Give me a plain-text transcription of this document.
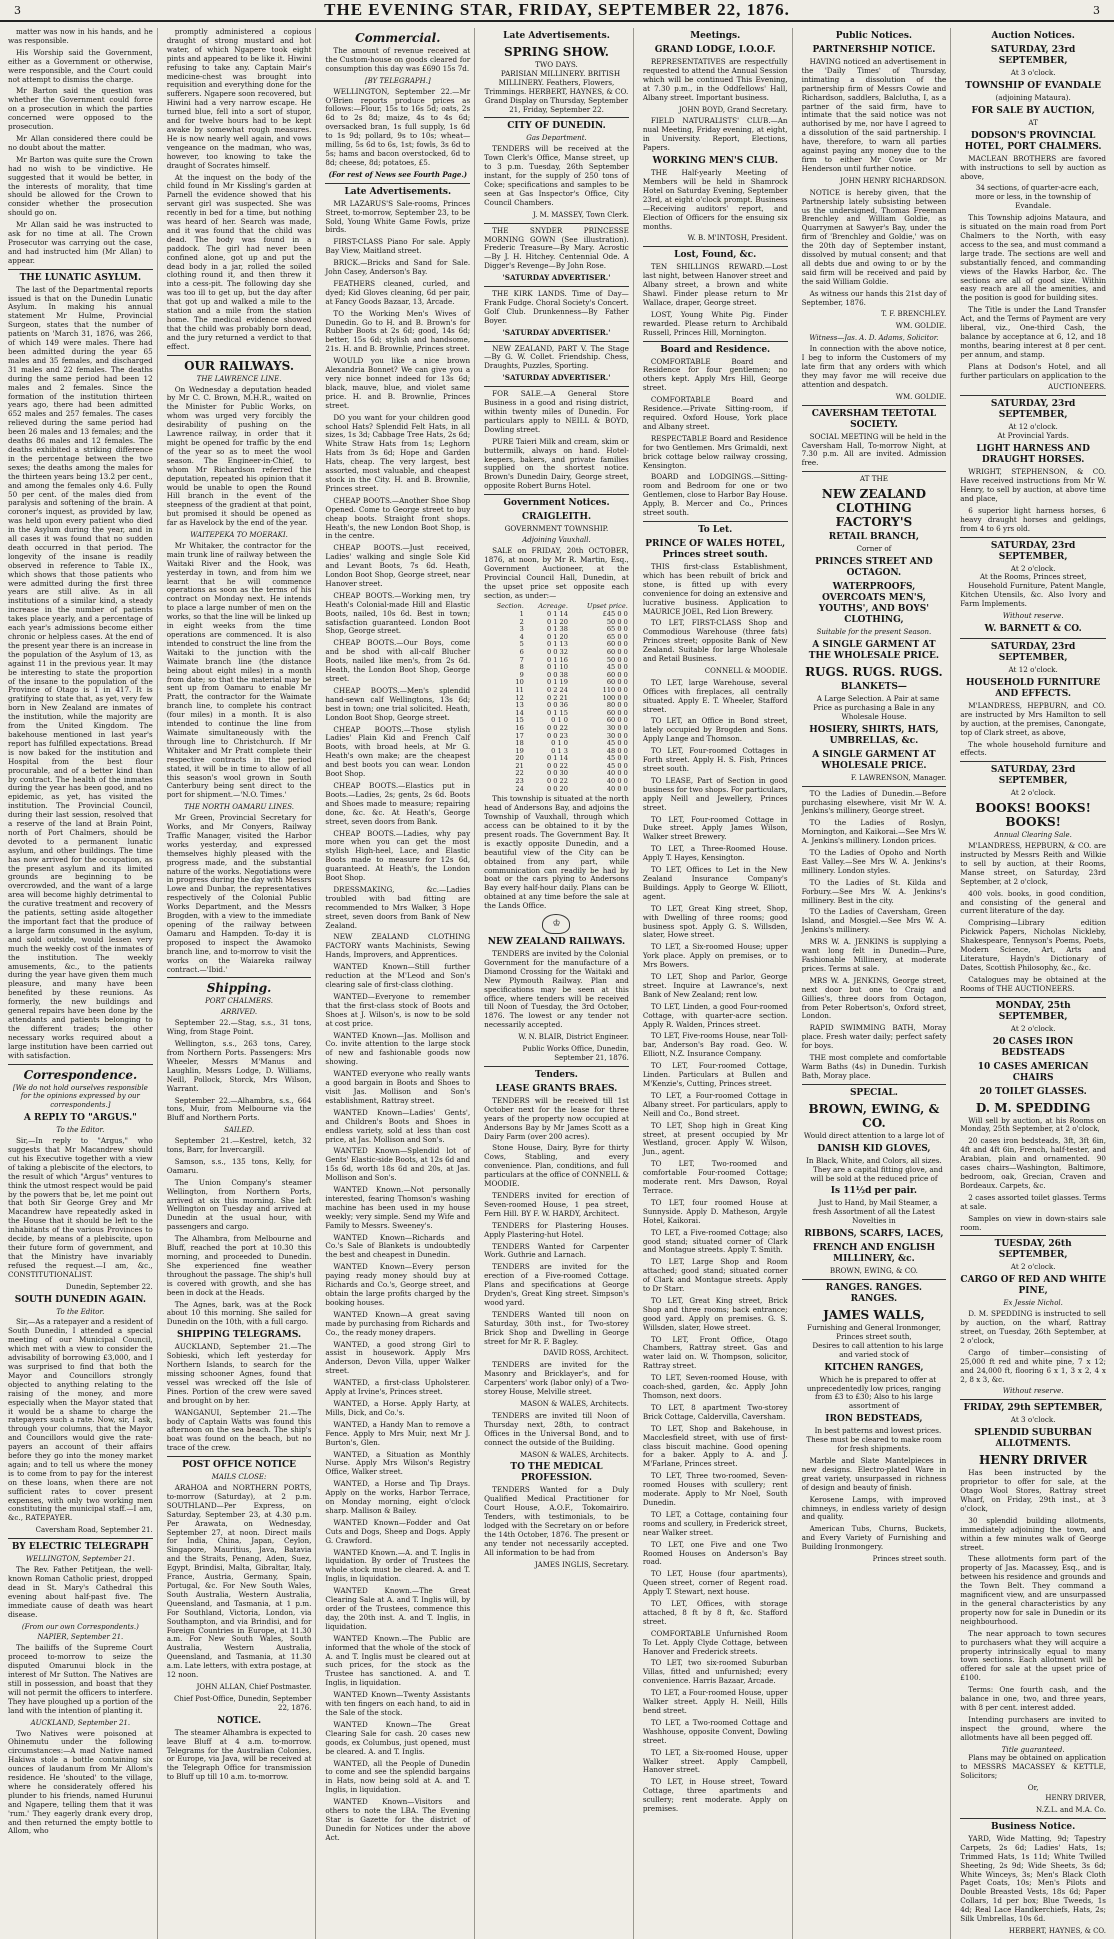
3	THE EVENING STAR, FRIDAY, SEPTEMBER 22, 1876.	3

matter was now in his hands, and he was responsible.

His Worship said the Government, either as a Government or otherwise, were responsible, and the Court could not attempt to dismiss the charge.

Mr Barton said the question was whether the Government could force on a prosecution in which the parties concerned were opposed to the prosecution.

Mr Allan considered there could be no doubt about the matter.

Mr Barton was quite sure the Crown had no wish to be vindictive. He suggested that it would be better, in the interests of morality, that time should be allowed for the Crown to consider whether the prosecution should go on.

Mr Allan said he was instructed to ask for no time at all. The Crown Prosecutor was carrying out the case, and had instructed him (Mr Allan) to appear.

THE LUNATIC ASYLUM.

The last of the Departmental reports issued is that on the Dunedin Lunatic Asylum. In making his annual statement Mr Hulme, Provincial Surgeon, states that the number of patients on 'March 31, 1876, was 266, of which 149 were males. There had been admitted during the year 65 males and 35 females, and discharged 31 males and 22 females. The deaths during the same period had been 12 males and 2 females. Since the formation of the institution thirteen years ago, there had been admitted 652 males and 257 females. The cases relieved during the same period had been 26 males and 13 females; and the deaths 86 males and 12 females. The deaths exhibited a striking difference in the percentage between the two sexes; the deaths among the males for the thirteen years being 13.2 per cent., and among the females only 4.6. Fully 50 per cent. of the males died from paralysis and softening of the brain. A coroner's inquest, as provided by law, was held upon every patient who died in the Asylum during the year, and in all cases it was found that no sudden death occurred in that period. The longevity of the insane is readily observed in reference to Table IX., which shows that those patients who were admitted during the first three years are still alive. As in all institutions of a similar kind, a steady increase in the number of patients takes place yearly, and a percentage of each year's admissions become either chronic or helpless cases. At the end of the present year there is an increase in the population of the Asylum of 13, as against 11 in the previous year. It may be interesting to state the proportion of the insane to the population of the Province of Otago is 1 in 417. It is gratifying to state that, as yet, very few born in New Zealand are inmates of the institution, while the majority are from the United Kingdom. The bakehouse mentioned in last year's report has fulfilled expectations. Bread is now baked for the institution and Hospital from the best flour procurable, and of a better kind than by contract. The health of the inmates during the year has been good, and no epidemic, as yet, has visited the institution. The Provincial Council, during their last session, resolved that a reserve of the land at Brain Point, north of Port Chalmers, should be devoted to a permanent lunatic asylum, and other buildings. The time has now arrived for the occupation, as the present asylum and its limited grounds are beginning to be overcrowded, and the want of a large area will become highly detrimental to the curative treatment and recovery of the patients, setting aside altogether the important fact that the produce of a large farm consumed in the asylum, and sold outside, would lessen very much the weekly cost of the inmates of the institution. The weekly amusements, &c., to the patients during the year have given them much pleasure, and many have been benefited by these reunions. As formerly, the new buildings and general repairs have been done by the attendants and patients belonging to the different trades; the other necessary works required about a large institution have been carried out with satisfaction.

Correspondence.
[We do not hold ourselves responsible for the opinions expressed by our correspondents.]
A REPLY TO "ARGUS."
To the Editor.

Sir,—In reply to "Argus," who suggests that Mr Macandrew should cut his Executive together with a view of taking a plebiscite of the electors, to the result of which "Argus" ventures to think the utmost respect would be paid by the powers that be, let me point out that both Sir George Grey and Mr Macandrew have repeatedly asked in the House that it should be left to the inhabitants of the various Provinces to decide, by means of a plebiscite, upon their future form of government, and that the Ministry have invariably refused the request.—I am, &c., CONSTITUTIONALIST.

Dunedin, September 22.
SOUTH DUNEDIN AGAIN.
To the Editor.

Sir,—As a ratepayer and a resident of South Dunedin, I attended a special meeting of our Municipal Council, which met with a view to consider the advisability of borrowing £3,000, and I was surprised to find that both the Mayor and Councillors strongly objected to anything relating to the raising of the money, and more especially when the Mayor stated that it would be a shame to charge the ratepayers such a rate. Now, sir, I ask, through your columns, that the Mayor and Councillors would give the rate-payers an account of their affairs before they go into the money market again; and to tell us where the money is to come from to pay for the interest on these loans, when there are not sufficient rates to cover present expenses, with only two working men constituting the municipal staff.—I am, &c., RATEPAYER.

Caversham Road, September 21.
BY ELECTRIC TELEGRAPH
WELLINGTON, September 21.

The Rev. Father Petitjean, the well-known Roman Catholic priest, dropped dead in St. Mary's Cathedral this evening about half-past five. The immediate cause of death was heart disease.

(From our own Correspondents.)
NAPIER, September 21.

The bailiffs of the Supreme Court proceed to-morrow to seize the disputed Omarunui block in the interest of Mr Sutton. The Natives are still in possession, and boast that they will not permit the officers to interfere. They have ploughed up a portion of the land with the intention of planting it.

AUCKLAND, September 21.

Two Natives were poisoned at Ohinemutu under the following circumstances:—A mad Native named Hakiwa stole a bottle containing six ounces of laudanum from Mr Allom's residence. He 'shouted' to the village, where he considerately offered his plunder to his friends, named Hurunui and Ngapere, telling them that it was 'rum.' They eagerly drank every drop, and then returned the empty bottle to Allom, who

promptly administered a copious draught of strong mustard and hot water, of which Ngapere took eight pints and appeared to be like it. Hiwini refusing to take any. Captain Mair's medicine-chest was brought into requisition and everything done for the sufferers. Ngapere soon recovered, but Hiwini had a very narrow escape. He turned blue, fell into a sort of stupor, and for twelve hours had to be kept awake by somewhat rough measures. He is now nearly well again, and vows vengeance on the madman, who was, however, too knowing to take the draught of Socrates himself.

At the inquest on the body of the child found in Mr Kissling's garden at Parnell the evidence showed that his servant girl was suspected. She was recently in bed for a time, but nothing was heard of her. Search was made, and it was found that the child was dead. The body was found in a paddock. The girl had never been confined alone, got up and put the dead body in a jar, rolled the soiled clothing round it, and then threw it into a cess-pit. The following day she was too ill to get up, but the day after that got up and walked a mile to the station and a mile from the station home. The medical evidence showed that the child was probably born dead, and the jury returned a verdict to that effect.

OUR RAILWAYS.
THE LAWRENCE LINE.

On Wednesday a deputation headed by Mr C. C. Brown, M.H.R., waited on the Minister for Public Works, on whom was urged very forcibly the desirability of pushing on the Lawrence railway, in order that it might be opened for traffic by the end of the year so as to meet the wool season. The Engineer-in-Chief, to whom Mr Richardson referred the deputation, repeated his opinion that it would be unable to open the Round Hill branch in the event of the steepness of the gradient at that point, but promised it should be opened as far as Havelock by the end of the year.

WAITEPEKA TO MOERAKI.

Mr Whitaker, the contractor for the main trunk line of railway between the Waitaki River and the Hook, was yesterday in town, and from him we learnt that he will commence operations as soon as the terms of his contract on Monday next. He intends to place a large number of men on the works, so that the line will be linked up in eight weeks from the time operations are commenced. It is also intended to construct the line from the Waitaki to the junction with the Waimate branch line (the distance being about eight miles) in a month from date; so that the material may be sent up from Oamaru to enable Mr Pratt, the contractor for the Waimate branch line, to complete his contract (four miles) in a month. It is also intended to continue the line from Waimate simultaneously with the through line to Christchurch. If Mr Whitaker and Mr Pratt complete their respective contracts in the period stated, it will be in time to allow of all this season's wool grown in South Canterbury being sent direct to the port for shipment.—'N.O. Times.'

THE NORTH OAMARU LINES.

Mr Green, Provincial Secretary for Works, and Mr Conyers, Railway Traffic Manager, visited the Harbor works yesterday, and expressed themselves highly pleased with the progress made, and the substantial nature of the works. Negotiations were in progress during the day with Messrs Lowe and Dunbar, the representatives respectively of the Colonial Public Works Department, and the Messrs Brogden, with a view to the immediate opening of the railway between Oamaru and Hampden. To-day it is proposed to inspect the Awamoko branch line, and to-morrow to visit the works on the Waiareka railway contract.—'Ibid.'

Shipping.
PORT CHALMERS.
ARRIVED.

September 22.—Stag, s.s., 31 tons, Wing, from Stage Point.

Wellington, s.s., 263 tons, Carey, from Northern Ports. Passengers: Mrs Wheeler, Messrs M'Manus and Laughlin, Messrs Lodge, D. Williams, Neill, Pollock, Storck, Mrs Wilson, Warrant.

September 22.—Alhambra, s.s., 664 tons, Muir, from Melbourne via the Bluff and Northern Ports.

SAILED.

September 21.—Kestrel, ketch, 32 tons, Barr, for Invercargill.

Samson, s.s., 135 tons, Kelly, for Oamaru.

The Union Company's steamer Wellington, from Northern Ports, arrived at six this morning. She left Wellington on Tuesday and arrived at Dunedin at the usual hour, with passengers and cargo.

The Alhambra, from Melbourne and Bluff, reached the port at 10.30 this morning, and proceeded to Dunedin. She experienced fine weather throughout the passage. The ship's hull is covered with growth, and she has been in dock at the Heads.

The Agnes, bark, was at the Rock about 10 this morning. She sailed for Dunedin on the 10th, with a full cargo.

SHIPPING TELEGRAMS.

AUCKLAND, September 21.—The Sobieski, which left yesterday for Northern Islands, to search for the missing schooner Agnes, found that vessel was wrecked off the Isle of Pines. Portion of the crew were saved and brought on by her.

WANGANUI, September 21.—The body of Captain Watts was found this afternoon on the sea beach. The ship's boat was found on the beach, but no trace of the crew.

POST OFFICE NOTICE
MAILS CLOSE:

ARAHOA and NORTHERN PORTS, to-morrow (Saturday), at 2 p.m. SOUTHLAND—Per Express, on Saturday, September 23, at 4.30 p.m. Per Arawata, on Wednesday, September 27, at noon. Direct mails for India, China, Japan, Ceylon, Singapore, Mauritius, Java, Batavia and the Straits, Penang, Aden, Suez, Egypt, Brindisi, Malta, Gibraltar, Italy, France, Austria, Germany, Spain, Portugal, &c. For New South Wales, South Australia, Western Australia, Queensland, and Tasmania, at 1 p.m. For Southland, Victoria, London, via Southampton, and via Brindisi, and for Foreign Countries in Europe, at 11.30 a.m. For New South Wales, South Australia, Western Australia, Queensland, and Tasmania, at 11.30 a.m. Late letters, with extra postage, at 12 noon.

JOHN ALLAN, Chief Postmaster.
Chief Post-Office, Dunedin, September 22, 1876.
NOTICE.

The steamer Alhambra is expected to leave Bluff at 4 a.m. to-morrow. Telegrams for the Australian Colonies, or Europe, via Java, will be received at the Telegraph Office for transmission to Bluff up till 10 a.m. to-morrow.

Commercial.

The amount of revenue received at the Custom-house on goods cleared for consumption this day was £690 15s 7d.

[BY TELEGRAPH.]

WELLINGTON, September 22.—Mr O'Brien reports produce prices as follows:—Flour, 15s to 16s 5d; oats, 2s 6d to 2s 8d; maize, 4s to 4s 6d; oversacked bran, 1s full supply, 1s 6d to 1s 9d; pollard, 9s to 10s; wheat—milling, 5s 6d to 6s, 1st; fowls, 3s 6d to 5s; hams and bacon overstocked, 6d to 8d; cheese, 8d; potatoes, £5.

(For rest of News see Fourth Page.)
Late Advertisements.

MR LAZARUS'S Sale-rooms, Princes Street, to-morrow, September 23, to be Sold, Young White Game Fowls, prize birds.

FIRST-CLASS Piano For sale. Apply Bay View, Maitland street.

BRICK.—Bricks and Sand for Sale. John Casey, Anderson's Bay.

FEATHERS cleaned, curled, and dyed; Kid Gloves cleaning, 6d per pair, at Fancy Goods Bazaar, 13, Arcade.

TO the Working Men's Wives of Dunedin. Go to H. and B. Brown's for Rubber Boots at 2s 6d; good, 14s 6d; better, 15s 6d; stylish and handsome, 21s. H. and B. Brownlie, Princes street.

WOULD you like a nice brown Alexandria Bonnet? We can give you a very nice bonnet indeed for 13s 6d; black, mauve, blue, and violet same price. H. and B. Brownlie, Princes street.

DO you want for your children good school Hats? Splendid Felt Hats, in all sizes, 1s 3d; Cabbage Tree Hats, 2s 6d; White Straw Hats from 1s; Leghorn Hats from 3s 6d; Hope and Garden Hats, cheap. The very largest, best assorted, most valuable, and cheapest stock in the City. H. and B. Brownlie, Princes street.

CHEAP BOOTS.—Another Shoe Shop Opened. Come to George street to buy cheap boots. Straight front shops. Heath's, the new London Boot Shop, is in the centre.

CHEAP BOOTS.—Just received, Ladies' walking and single Sole Kid and Levant Boots, 7s 6d. Heath, London Boot Shop, George street, near Hanover street.

CHEAP BOOTS.—Working men, try Heath's Colonial-made Hill and Elastic Boots, nailed, 10s 6d. Best in town; satisfaction guaranteed. London Boot Shop, George street.

CHEAP BOOTS.—Our Boys, come and be shod with all-calf Blucher Boots, nailed like men's, from 2s 6d. Heath, the London Boot Shop, George street.

CHEAP BOOTS.—Men's splendid hand-sewn calf Wellingtons, 13s 6d; best in town; one trial solicited. Heath, London Boot Shop, George street.

CHEAP BOOTS.—Those stylish Ladies' Plain Kid and French Calf Boots, with broad heels, at Mr G. Heath's own make; are the cheapest and best boots you can wear. London Boot Shop.

CHEAP BOOTS.—Elastics put in Boots.—Ladies, 2s; gents, 2s 6d. Boots and Shoes made to measure; repairing done, &c. &c. At Heath's, George street, seven doors from Bank.

CHEAP BOOTS.—Ladies, why pay more when you can get the most stylish High-heel, Lace, and Elastic Boots made to measure for 12s 6d, guaranteed. At Heath's, the London Boot Shop.

DRESSMAKING, &c.—Ladies troubled with bad fitting are recommended to Mrs Walker, 3 Hope street, seven doors from Bank of New Zealand.

NEW ZEALAND CLOTHING FACTORY wants Machinists, Sewing Hands, Improvers, and Apprentices.

WANTED Known—Still further reduction at the M'Leod and Son's clearing sale of first-class clothing.

WANTED—Everyone to remember that the first-class stock of Boots and Shoes at J. Wilson's, is now to be sold at cost price.

WANTED Known—Jas. Mollison and Co. invite attention to the large stock of new and fashionable goods now showing.

WANTED everyone who really wants a good bargain in Boots and Shoes to visit Jas. Mollison and Son's establishment, Rattray street.

WANTED Known—Ladies' Gents', and Children's Boots and Shoes in endless variety, sold at less than cost price, at Jas. Mollison and Son's.

WANTED Known—Splendid lot of Gents' Elastic-side Boots, at 12s 6d and 15s 6d, worth 18s 6d and 20s, at Jas. Mollison and Son's.

WANTED Known.—Not personally interested, fearing Thomson's washing machine has been used in my house weekly; very simple. Send my Wife and Family to Messrs. Sweeney's.

WANTED Known—Richards and Co.'s Sale of Blankets is undoubtedly the best and cheapest in Dunedin.

WANTED Known—Every person paying ready money should buy at Richards and Co.'s, George street, and obtain the large profits charged by the booking houses.

WANTED Known—A great saving made by purchasing from Richards and Co., the ready money drapers.

WANTED, a good strong Girl to assist in housework. Apply Mrs Anderson, Devon Villa, upper Walker street.

WANTED, a first-class Upholsterer. Apply at Irvine's, Princes street.

WANTED, a Horse. Apply Harty, at Mills, Dick, and Co.'s.

WANTED, a Handy Man to remove a Fence. Apply to Mrs Muir, next Mr J. Burton's, Glen.

WANTED, a Situation as Monthly Nurse. Apply Mrs Wilson's Registry Office, Walker street.

WANTED, a Horse and Tip Drays. Apply on the works, Harbor Terrace, on Monday morning, eight o'clock sharp. Mallison & Bailey.

WANTED Known—Fodder and Oat Cuts and Dogs, Sheep and Dogs. Apply G. Crawford.

WANTED Known.—A. and T. Inglis in liquidation. By order of Trustees the whole stock must be cleared. A. and T. Inglis, in liquidation.

WANTED Known.—The Great Clearing Sale at A. and T. Inglis will, by order of the Trustees, commence this day, the 20th inst. A. and T. Inglis, in liquidation.

WANTED Known.—The Public are informed that the whole of the stock of A. and T. Inglis must be cleared out at such prices, for the stock as the Trustee has sanctioned. A. and T. Inglis, in liquidation.

WANTED Known—Twenty Assistants with ten fingers on each hand, to aid in the Sale of the stock.

WANTED Known—The Great Clearing Sale for cash. 20 cases new goods, ex Columbus, just opened, must be cleared. A. and T. Inglis.

WANTED, all the People of Dunedin to come and see the splendid bargains in Hats, now being sold at A. and T. Inglis, in liquidation.

WANTED Known—Visitors and others to note the LBA. The Evening Star is Gazette for the district of Dunedin for Notices under the above Act.

Late Advertisements.
SPRING SHOW.
TWO DAYS.

PARISIAN MILLINERY. BRITISH MILLINERY. Feathers, Flowers, Trimmings. HERBERT, HAYNES, & CO. Grand Display on Thursday, September 21, Friday, September 22.

CITY OF DUNEDIN.
Gas Department.

TENDERS will be received at the Town Clerk's Office, Manse street, up to 3 p.m. Tuesday, 26th September instant, for the supply of 250 tons of Coke; specifications and samples to be seen at Gas Inspector's Office, City Council Chambers.

J. M. MASSEY, Town Clerk.

THE SNYDER PRINCESSE MORNING GOWN (See illustration). Frederic Treasure—By Mary. Acrostic—By J. H. Hitchey. Centennial Ode. A Digger's Revenge—By John Rose.

'SATURDAY ADVERTISER.'

THE KIRK LANDS. Time of Day—Frank Fudge. Choral Society's Concert. Golf Club. Drunkenness—By Father Boyer.

'SATURDAY ADVERTISER.'

NEW ZEALAND, PART V. The Stage—By G. W. Collet. Friendship. Chess, Draughts, Puzzles, Sporting.

'SATURDAY ADVERTISER.'

FOR SALE.—A General Store Business in a good and rising district, within twenty miles of Dunedin. For particulars apply to NEILL & BOYD, Dowling street.

PURE Taieri Milk and cream, skim or buttermilk, always on hand. Hotel-keepers, bakers, and private families supplied on the shortest notice. Brown's Dunedin Dairy, George street, opposite Robert Burns Hotel.

Government Notices.
CRAIGLEITH.
GOVERNMENT TOWNSHIP.
Adjoining Vauxhall.

SALE on FRIDAY, 20th OCTOBER, 1876, at noon, by Mr R. Martin, Esq., Government Auctioneer, at the Provincial Council Hall, Dunedin, at the upset price set opposite each section, as under:—

Section.	Acreage.	Upset price.
1	0 1 14	£45 0 0
2	0 1 20	50 0 0
3	0 1 38	65 0 0
4	0 1 20	65 0 0
5	0 1 13	60 0 0
6	0 0 32	60 0 0
7	0 1 16	50 0 0
8	0 1 10	45 0 0
9	0 0 38	60 0 0
10	0 1 19	60 0 0
11	0 2 24	110 0 0
12	0 2 21	100 0 0
13	0 0 36	80 0 0
14	0 1 15	60 0 0
15	0 1 0	60 0 0
16	0 0 22	30 0 0
17	0 0 23	30 0 0
18	0 1 0	45 0 0
19	0 1 3	48 0 0
20	0 1 14	45 0 0
21	0 0 22	45 0 0
22	0 0 30	40 0 0
23	0 0 22	40 0 0
24	0 0 20	40 0 0

This township is situated at the north head of Andersons Bay, and adjoins the Township of Vauxhall, through which access can be obtained to it by the present roads. The Government Bay. It is exactly opposite Dunedin, and a beautiful view of the City can be obtained from any part, while communication can readily be had by boat or the cars plying to Andersons Bay every half-hour daily. Plans can be obtained at any time before the sale at the Lands Office.

♔
NEW ZEALAND RAILWAYS.

TENDERS are invited by the Colonial Government for the manufacture of a Diamond Crossing for the Waitaki and New Plymouth Railway. Plan and specifications may be seen at this office, where tenders will be received till Noon of Tuesday, the 3rd October, 1876. The lowest or any tender not necessarily accepted.

W. N. BLAIR, District Engineer.
Public Works Office, Dunedin, September 21, 1876.
Tenders.
LEASE GRANTS BRAES.

TENDERS will be received till 1st October next for the lease for three years of the property now occupied at Andersons Bay by Mr James Scott as a Dairy Farm (over 200 acres).

Stone House, Dairy, Byre for thirty Cows, Stabling, and every convenience. Plan, conditions, and full particulars at the office of CONNELL & MOODIE.

TENDERS invited for erection of Seven-roomed House, 1 pea street, Fern Hill. BY F. W. HARDY, Architect.

TENDERS for Plastering Houses. Apply Plastering-hut Hotel.

TENDERS Wanted for Carpenter Work. Guthrie and Larnach.

TENDERS are invited for the erection of a Five-roomed Cottage. Plans and specifications at George Dryden's, Great King street. Simpson's wood yard.

TENDERS Wanted till noon on Saturday, 30th inst., for Two-storey Brick Shop and Dwelling in George street for Mr R. F. Bagley.

DAVID ROSS, Architect.

TENDERS are invited for the Masonry and Bricklayer's, and for Carpenters' work (labor only) of a Two-storey House, Melville street.

MASON & WALES, Architects.

TENDERS are invited till Noon of Thursday next, 28th, to contract Offices in the Universal Bond, and to connect the outside of the Building.

MASON & WALES, Architects.
TO THE MEDICAL PROFESSION.

TENDERS Wanted for a Duly Qualified Medical Practitioner for Court House, A.O.F., Tokomairiro. Tenders, with testimonials, to be lodged with the Secretary on or before the 14th October, 1876. The present or any tender not necessarily accepted. All information to be had from

JAMES INGLIS, Secretary.
Meetings.
GRAND LODGE, I.O.O.F.

REPRESENTATIVES are respectfully requested to attend the Annual Session which will be continued This Evening, at 7.30 p.m., in the Oddfellows' Hall, Albany street. Important business.

JOHN BOYD, Grand Secretary.

FIELD NATURALISTS' CLUB.—An nual Meeting, Friday evening, at eight, in University. Report, Elections, Papers.

WORKING MEN'S CLUB.

THE Half-yearly Meeting of Members will be held in Shamrock Hotel on Saturday Evening, September 23rd, at eight o'clock prompt. Business—Receiving auditors' report, and Election of Officers for the ensuing six months.

W. B. M'INTOSH, President.
Lost, Found, &c.

TEN SHILLINGS REWARD.—Lost last night, between Hanover street and Albany street, a brown and white Shawl. Finder please return to Mr Wallace, draper, George street.

LOST, Young White Pig. Finder rewarded. Please return to Archibald Russell, Princes Hill, Mornington.

Board and Residence.

COMFORTABLE Board and Residence for four gentlemen; no others kept. Apply Mrs Hill, George street.

COMFORTABLE Board and Residence.—Private Sitting-room, if required. Oxford House, York place and Albany street.

RESPECTABLE Board and Residence for two Gentlemen. Mrs Grimaldi, next brick cottage below railway crossing, Kensington.

BOARD and LODGINGS.—Sitting-room and Bedroom for one or two Gentlemen, close to Harbor Bay House. Apply, B. Mercer and Co., Princes street south.

To Let.
PRINCE OF WALES HOTEL, Princes street south.

THIS first-class Establishment, which has been rebuilt of brick and stone, is fitted up with every convenience for doing an extensive and lucrative business. Application to MAURICE JOEL, Red Lion Brewery.

TO LET, FIRST-CLASS Shop and Commodious Warehouse (three fats) Princes street; opposite Bank of New Zealand. Suitable for large Wholesale and Retail Business.

CONNELL & MOODIE.

TO LET, large Warehouse, several Offices with fireplaces, all centrally situated. Apply E. T. Wheeler, Stafford street.

TO LET, an Office in Bond street, lately occupied by Brogden and Sons. Apply Lange and Thomson.

TO LET, Four-roomed Cottages in Forth street. Apply H. S. Fish, Princes street south.

TO LEASE, Part of Section in good business for two shops. For particulars, apply Neill and Jewellery, Princes street.

TO LET, Four-roomed Cottage in Duke street. Apply James Wilson, Walker street Brewery.

TO LET, a Three-Roomed House. Apply T. Hayes, Kensington.

TO LET, Offices to Let in the New Zealand Insurance Company's Buildings. Apply to George W. Elliott, agent.

TO LET, Great King street, Shop, with Dwelling of three rooms; good business spot. Apply G. S. Willsden, slater, Howe street.

TO LET, a Six-roomed House; upper York place. Apply on premises, or to Mrs Bowers.

TO LET, Shop and Parlor, George street. Inquire at Lawrance's, next Bank of New Zealand; rent low.

TO LET, Linden, a good Four-roomed Cottage, with quarter-acre section. Apply R. Walden, Princes street.

TO LET, Five-rooms House, near Toll-bar, Anderson's Bay road. Geo. W. Elliott, N.Z. Insurance Company.

TO LET, Four-roomed Cottage, Linden. Particulars at Bullen and M'Kenzie's, Cutting, Princes street.

TO LET, a Four-roomed Cottage in Albany street. For particulars, apply to Neill and Co., Bond street.

TO LET, Shop high in Great King street, at present occupied by Mr Westland, grocer. Apply W. Wilson, Jun., agent.

TO LET, Two-roomed and comfortable Four-roomed Cottage; moderate rent. Mrs Dawson, Royal Terrace.

TO LET, four roomed House at Sunnyside. Apply D. Matheson, Argyle Hotel, Kaikorai.

TO LET, a Five-roomed Cottage; also good stand; situated corner of Clark and Montague streets. Apply T. Smith.

TO LET, Large Shop and Room attached; good stand; situated corner of Clark and Montague streets. Apply to Dr Starr.

TO LET, Great King street, Brick Shop and three rooms; back entrance; good yard. Apply on premises. G. S. Willsden, slater, Howe street.

TO LET, Front Office, Otago Chambers, Rattray street. Gas and water laid on. W. Thompson, solicitor, Rattray street.

TO LET, Seven-roomed House, with coach-shed, garden, &c. Apply John Thomson, next doors.

TO LET, 8 apartment Two-storey Brick Cottage, Caldervilla, Caversham.

TO LET, Shop and Bakehouse, in Macclesfield street, with use of first-class biscuit machine. Good opening for a baker. Apply to A. and J. M'Farlane, Princes street.

TO LET, Three two-roomed, Seven-roomed Houses with scullery; rent moderate. Apply to Mr Noel, South Dunedin.

TO LET, a Cottage, containing four rooms and scullery, in Frederick street, near Walker street.

TO LET, one Five and one Two Roomed Houses on Anderson's Bay road.

TO LET, House (four apartments), Queen street, corner of Regent road. Apply T. Stewart, next house.

TO LET, Offices, with storage attached, 8 ft by 8 ft, &c. Stafford street.

COMFORTABLE Unfurnished Room To Let. Apply Clyde Cottage, between Hanover and Frederick streets.

TO LET, two six-roomed Suburban Villas, fitted and unfurnished; every convenience. Harris Bazaar, Arcade.

TO LET, a Four-roomed House, upper Walker street. Apply H. Neill, Hills bend street.

TO LET, a Two-roomed Cottage and Washhouse, opposite Convent, Dowling street.

TO LET, a Six-roomed House, upper Walker street. Apply Campbell, Hanover street.

TO LET, in House street, Toward Cottage, three apartments and scullery; rent moderate. Apply on premises.

Public Notices.
PARTNERSHIP NOTICE.

HAVING noticed an advertisement in the 'Daily Times' of Thursday, intimating a dissolution of the partnership firm of Messrs Cowie and Richardson, saddlers, Balclutha, I, as a partner of the said firm, have to intimate that the said notice was not authorised by me, nor have I agreed to a dissolution of the said partnership. I have, therefore, to warn all parties against paying any money due to the firm to either Mr Cowie or Mr Henderson until further notice.

JOHN HENRY RICHARDSON.

NOTICE is hereby given, that the Partnership lately subsisting between us the undersigned, Thomas Freeman Brenchley and William Goldie, as Quarrymen at Sawyer's Bay, under the firm of 'Brenchley and Goldie,' was on the 20th day of September instant, dissolved by mutual consent; and that all debts due and owing to or by the said firm will be received and paid by the said William Goldie.

As witness our hands this 21st day of September, 1876.

T. F. BRENCHLEY.
WM. GOLDIE.
Witness—Jas. A. D. Adams, Solicitor.

In connection with the above notice, I beg to inform the Customers of my late firm that any orders with which they may favor me will receive due attention and despatch.

WM. GOLDIE.
CAVERSHAM TEETOTAL SOCIETY.

SOCIAL MEETING will be held in the Caversham Hall, To-morrow Night, at 7.30 p.m. All are invited. Admission free.

AT THE
NEW ZEALAND CLOTHING FACTORY'S
RETAIL BRANCH,
Corner of
PRINCES STREET AND OCTAGON.
WATERPROOFS, OVERCOATS MEN'S, YOUTHS', AND BOYS' CLOTHING,
Suitable for the present Season.
A SINGLE GARMENT AT THE WHOLESALE PRICE.
RUGS. RUGS. RUGS.
BLANKETS—

A Large Selection. A Pair at same Price as purchasing a Bale in any Wholesale House.

HOSIERY, SHIRTS, HATS, UMBRELLAS, &c.
A SINGLE GARMENT AT WHOLESALE PRICE.
F. LAWRENSON, Manager.

TO the Ladies of Dunedin.—Before purchasing elsewhere, visit Mr W. A. Jenkins's millinery, George street.

TO the Ladies of Roslyn, Mornington, and Kaikorai.—See Mrs W. A. Jenkins's millinery. London prices.

TO the Ladies of Opoho and North East Valley.—See Mrs W. A. Jenkins's millinery. London styles.

TO the Ladies of St. Kilda and Forbury.—See Mrs W. A. Jenkins's millinery. Best in the city.

TO the Ladies of Caversham, Green Island, and Mosgiel.—See Mrs W. A. Jenkins's millinery.

MRS W. A. JENKINS is supplying a want long felt in Dunedin—Pure, Fashionable Millinery, at moderate prices. Terms at sale.

MRS W. A. JENKINS, George street, next door but one to Craig and Gillies's, three doors from Octagon, from Peter Robertson's, Oxford street, London.

RAPID SWIMMING BATH, Moray place. Fresh water daily; perfect safety for boys.

THE most complete and comfortable Warm Baths (4s) in Dunedin. Turkish Bath, Moray place.

SPECIAL.
BROWN, EWING, & CO.
Would direct attention to a large lot of
DANISH KID GLOVES,
In Black, White, and Colors, all sizes.

They are a capital fitting glove, and will be sold at the reduced price of

Is 11½d per pair.

Just to Hand, by Mail Steamer, a fresh Assortment of all the Latest Novelties in

RIBBONS, SCARFS, LACES,
FRENCH AND ENGLISH MILLINERY, &c.
BROWN, EWING, & CO.
RANGES. RANGES. RANGES.
JAMES WALLS,
Furnishing and General Ironmonger, Princes street south,

Desires to call attention to his large and varied stock of

KITCHEN RANGES,

Which he is prepared to offer at unprecedentedly low prices, ranging from £3 to £30; Also to his large assortment of

IRON BEDSTEADS,

In best patterns and lowest prices. These must be cleared to make room for fresh shipments.

Marble and Slate Mantelpieces in new designs. Electro-plated Ware in great variety, unsurpassed in richness of design and beauty of finish.

Kerosene Lamps, with improved chimneys, in endless variety of design and quality.

American Tubs, Churns, Buckets, and Every Variety of Furnishing and Building Ironmongery.

Princes street south.
Auction Notices.
SATURDAY, 23rd SEPTEMBER,
At 3 o'clock.
TOWNSHIP OF EVANDALE
(adjoining Mataura).
FOR SALE BY AUCTION,
AT
DODSON'S PROVINCIAL HOTEL, PORT CHALMERS.

MACLEAN BROTHERS are favored with instructions to sell by auction as above,

34 sections, of quarter-acre each, more or less, in the township of Evandale.

This Township adjoins Mataura, and is situated on the main road from Port Chalmers to the North, with easy access to the sea, and must command a large trade. The sections are well and substantially fenced, and commanding views of the Hawks Harbor, &c. The sections are all of good size. Within easy reach are all the amenities, and the position is good for building sites.

The Title is under the Land Transfer Act, and the Terms of Payment are very liberal, viz., One-third Cash, the balance by acceptance at 6, 12, and 18 months, bearing interest at 8 per cent. per annum, and stamp.

Plans at Dodson's Hotel, and all further particulars on application to the

AUCTIONEERS.
SATURDAY, 23rd SEPTEMBER,
At 12 o'clock.
At Provincial Yards.
LIGHT HARNESS AND DRAUGHT HORSES.

WRIGHT, STEPHENSON, & CO. Have received instructions from Mr W. Henry, to sell by auction, at above time and place,

6 superior light harness horses, 6 heavy draught horses and geldings, from 4 to 6 yrs old.

SATURDAY, 23rd SEPTEMBER,
At 2 o'clock.
At the Rooms, Princes street,

Household Furniture, Patent Mangle, Kitchen Utensils, &c. Also Ivory and Farm Implements.

Without reserve.
W. BARNETT & CO.
SATURDAY, 23rd SEPTEMBER,
At 12 o'clock.
HOUSEHOLD FURNITURE AND EFFECTS.

M'LANDRESS, HEPBURN, and CO. are instructed by Mrs Hamilton to sell by auction, at the premises, Canongate, top of Clark street, as above,

The whole household furniture and effects.

SATURDAY, 23rd SEPTEMBER,
At 2 o'clock.
BOOKS! BOOKS! BOOKS!
Annual Clearing Sale.

M'LANDRESS, HEPBURN, & CO. are instructed by Messrs Reith and Wilkie to sell by auction, at their Rooms, Manse street, on Saturday, 23rd September, at 2 o'clock,

400 vols. books, in good condition, and consisting of the general and current literature of the day.

Comprising—Library edition Pickwick Papers, Nicholas Nickleby, Shakespeare, Tennyson's Poems, Poets, Modern Science, Art, Arts and Literature, Haydn's Dictionary of Dates, Scottish Philosophy, &c., &c.

Catalogues may be obtained at the Rooms of THE AUCTIONEERS.

MONDAY, 25th SEPTEMBER,
At 2 o'clock.
20 CASES IRON BEDSTEADS
10 CASES AMERICAN CHAIRS
20 TOILET GLASSES.
D. M. SPEDDING

Will sell by auction, at his Rooms on Monday, 25th September, at 2 o'clock,

20 cases iron bedsteads, 3ft, 3ft 6in, 4ft and 4ft 6in, French, half-tester, and Arabian, plain and ornamented. 90 cases chairs—Washington, Baltimore, bedroom, oak, Grecian, Craven and Bordeaux. Carpets, &c.

2 cases assorted toilet glasses. Terms at sale.

Samples on view in down-stairs sale room.

TUESDAY, 26th SEPTEMBER,
At 2 o'clock.
CARGO OF RED AND WHITE PINE,
Ex Jessie Nichol.

D. M. SPEDDING is instructed to sell by auction, on the wharf, Rattray street, on Tuesday, 26th September, at 2 o'clock,

Cargo of timber—consisting of 25,000 ft red and white pine, 7 x 12; and 24,000 ft, flooring 6 x 1, 3 x 2, 4 x 2, 8 x 3, &c.

Without reserve.
FRIDAY, 29th SEPTEMBER,
At 3 o'clock.
SPLENDID SUBURBAN ALLOTMENTS.
HENRY DRIVER

Has been instructed by the proprietor to offer for sale, at the Otago Wool Stores, Rattray street Wharf, on Friday, 29th inst., at 3 o'clock,

30 splendid building allotments, immediately adjoining the town, and within a few minutes walk of George street.

These allotments form part of the property of Jas. Macassey, Esq., and is between his residence and grounds and the Town Belt. They command a magnificent view, and are unsurpassed in the general characteristics by any property now for sale in Dunedin or its neighbourhood.

The near approach to town secures to purchasers what they will acquire a property intrinsically equal to many town sections. Each allotment will be offered for sale at the upset price of £100.

Terms: One fourth cash, and the balance in one, two, and three years, with 8 per cent. interest added.

Intending purchasers are invited to inspect the ground, where the allotments have all been pegged off.

Title guaranteed.

Plans may be obtained on application to MESSRS MACASSEY & KETTLE, Solicitors;

Or,
HENRY DRIVER,
N.Z.L. and M.A. Co.
Business Notice.

YARD, Wide Matting, 9d; Tapestry Carpets, 2s 6d; Ladies' Hats, 1s; Trimmed Hats, 1s 11d; White Twilled Sheeting, 2s 9d; Wide Sheets, 3s 6d; White Winceys, 3s; Men's Black Cloth Paget Coats, 10s; Men's Pilots and Double Breasted Vests, 18s 6d; Paper Collars, 1d per box; Blue Tweeds, 1s 4d; Real Lace Handkerchiefs, Hats, 2s; Silk Umbrellas, 10s 6d.

HERBERT, HAYNES, & CO.
